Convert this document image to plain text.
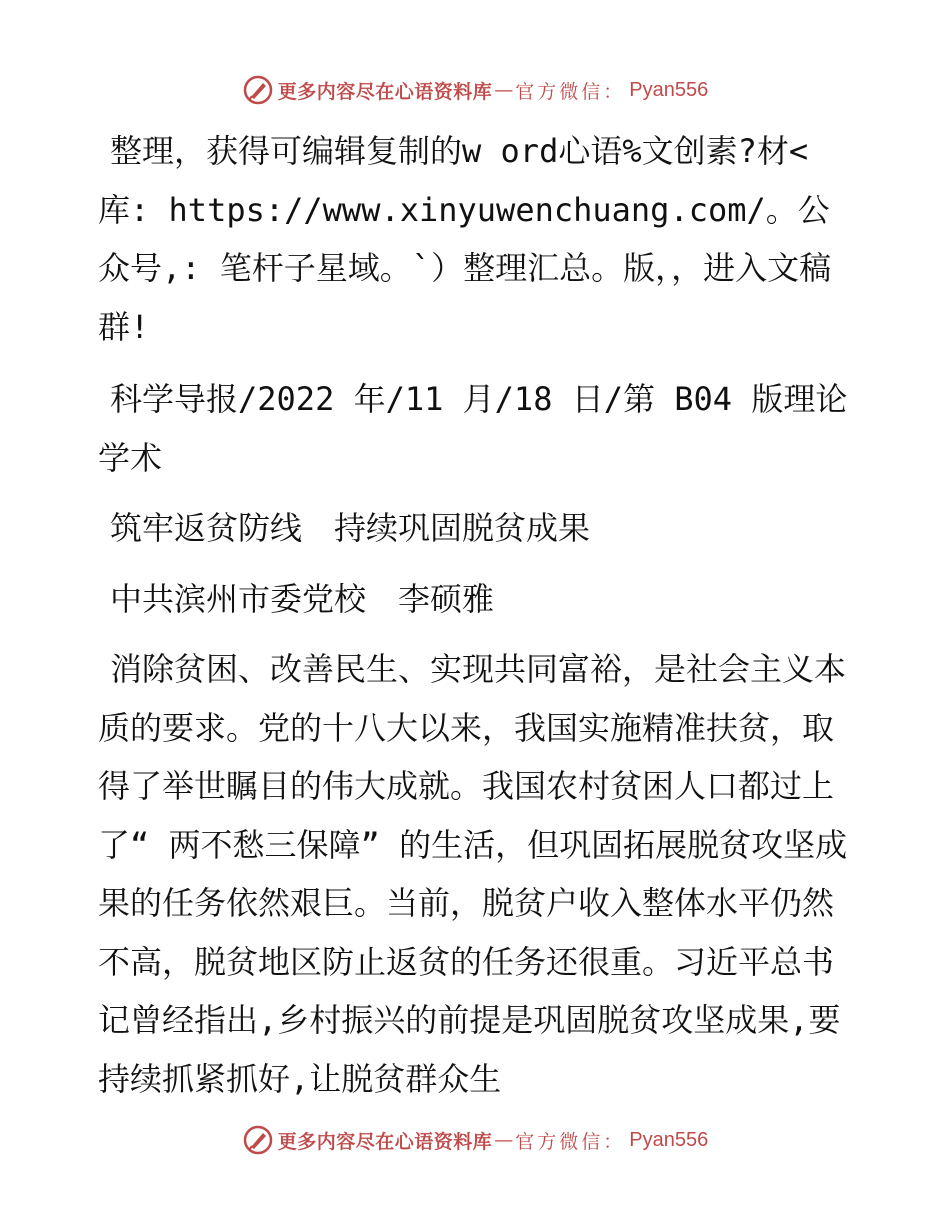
更多内容尽在心语资料库 — 官方微信： Pyan556

整理，获得可编辑复制的w ord心语%文创素?材<库: https://www.xinyuwenchuang.com/。公众号,: 笔杆子星域。`）整理汇总。版，，进入文稿群!

科学导报/2022 年/11 月/18 日/第 B04 版理论学术

筑牢返贫防线　持续巩固脱贫成果

中共滨州市委党校　李硕雅

消除贫困、改善民生、实现共同富裕，是社会主义本质的要求。党的十八大以来，我国实施精准扶贫，取得了举世瞩目的伟大成就。我国农村贫困人口都过上了“ 两不愁三保障” 的生活，但巩固拓展脱贫攻坚成果的任务依然艰巨。当前，脱贫户收入整体水平仍然不高，脱贫地区防止返贫的任务还很重。习近平总书记曾经指出,乡村振兴的前提是巩固脱贫攻坚成果,要持续抓紧抓好,让脱贫群众生

更多内容尽在心语资料库 — 官方微信： Pyan556
